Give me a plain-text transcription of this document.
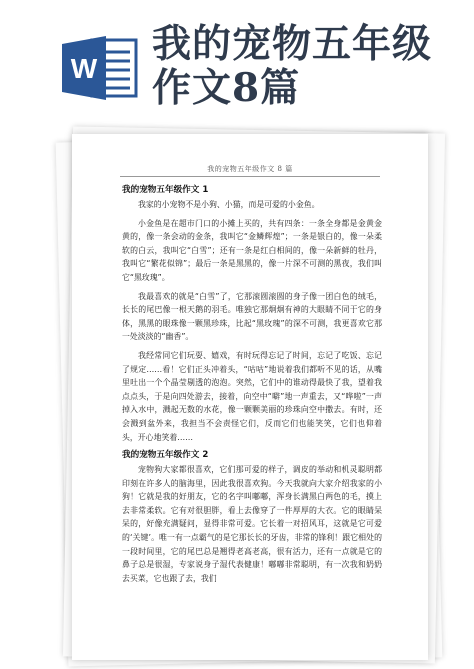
W
我的宠物五年级作文8篇
我的宠物五年级作文 8 篇
我的宠物五年级作文 1
我家的小宠物不是小狗、小猫，而是可爱的小金鱼。
小金鱼是在超市门口的小摊上买的，共有四条：一条全身都是金黄金黄的，像一条会动的金条，我叫它“金鳞辉煌”；一条是银白的，像一朵柔软的白云，我叫它“白雪”；还有一条是红白相间的，像一朵新鲜的牡丹，我叫它“繁花似锦”；最后一条是黑黑的，像一片深不可测的黑夜，我们叫它“黑玫瑰”。
我最喜欢的就是“白雪”了，它那滚圆滚圆的身子像一团白色的绒毛，长长的尾巴像一根天鹅的羽毛。唯独它那炯炯有神的大眼睛不同于它的身体，黑黑的眼珠像一颗黑珍珠，比起“黑玫瑰”的深不可测，我更喜欢它那一处淡淡的“幽香”。
我经常同它们玩耍、嬉戏，有时玩得忘记了时间，忘记了吃饭、忘记了规定……看！它们正头冲着头，“咕咕”地说着我们都听不见的话，从嘴里吐出一个个晶莹剔透的泡泡。突然，它们中的谁动得最快了我，望着我点点头，于是向四处游去，接着，向空中“噼”地一声重去，又“哗啦”一声掉入水中，溅起无数的水花，像一颗颗美丽的珍珠向空中撒去。有时，还会溅到盆外来，我担当不会责怪它们，反而它们也能笑笑，它们也仰着头，开心地笑着……
我的宠物五年级作文 2
宠物狗大家都很喜欢，它们那可爱的样子，调皮的举动和机灵聪明都印刻在许多人的脑海里，因此我很喜欢狗。今天我就向大家介绍我家的小狗！它就是我的好朋友，它的名字叫嘟嘟，浑身长满黑白两色的毛，摸上去非常柔软。它有对很胆胖，看上去像穿了一件厚厚的大衣。它的眼睛呆呆的，好像充满疑问，显得非常可爱。它长着一对招风耳，这就是它可爱的‘关键’。唯一有一点霸气的是它那长长的牙齿，非常的锋利！跟它相处的一段时间里，它的尾巴总是翘得老高老高，很有活力，还有一点就是它的鼻子总是很湿，专家说身子湿代表健康！嘟嘟非常聪明，有一次我和奶奶去买菜，它也跟了去，我们
